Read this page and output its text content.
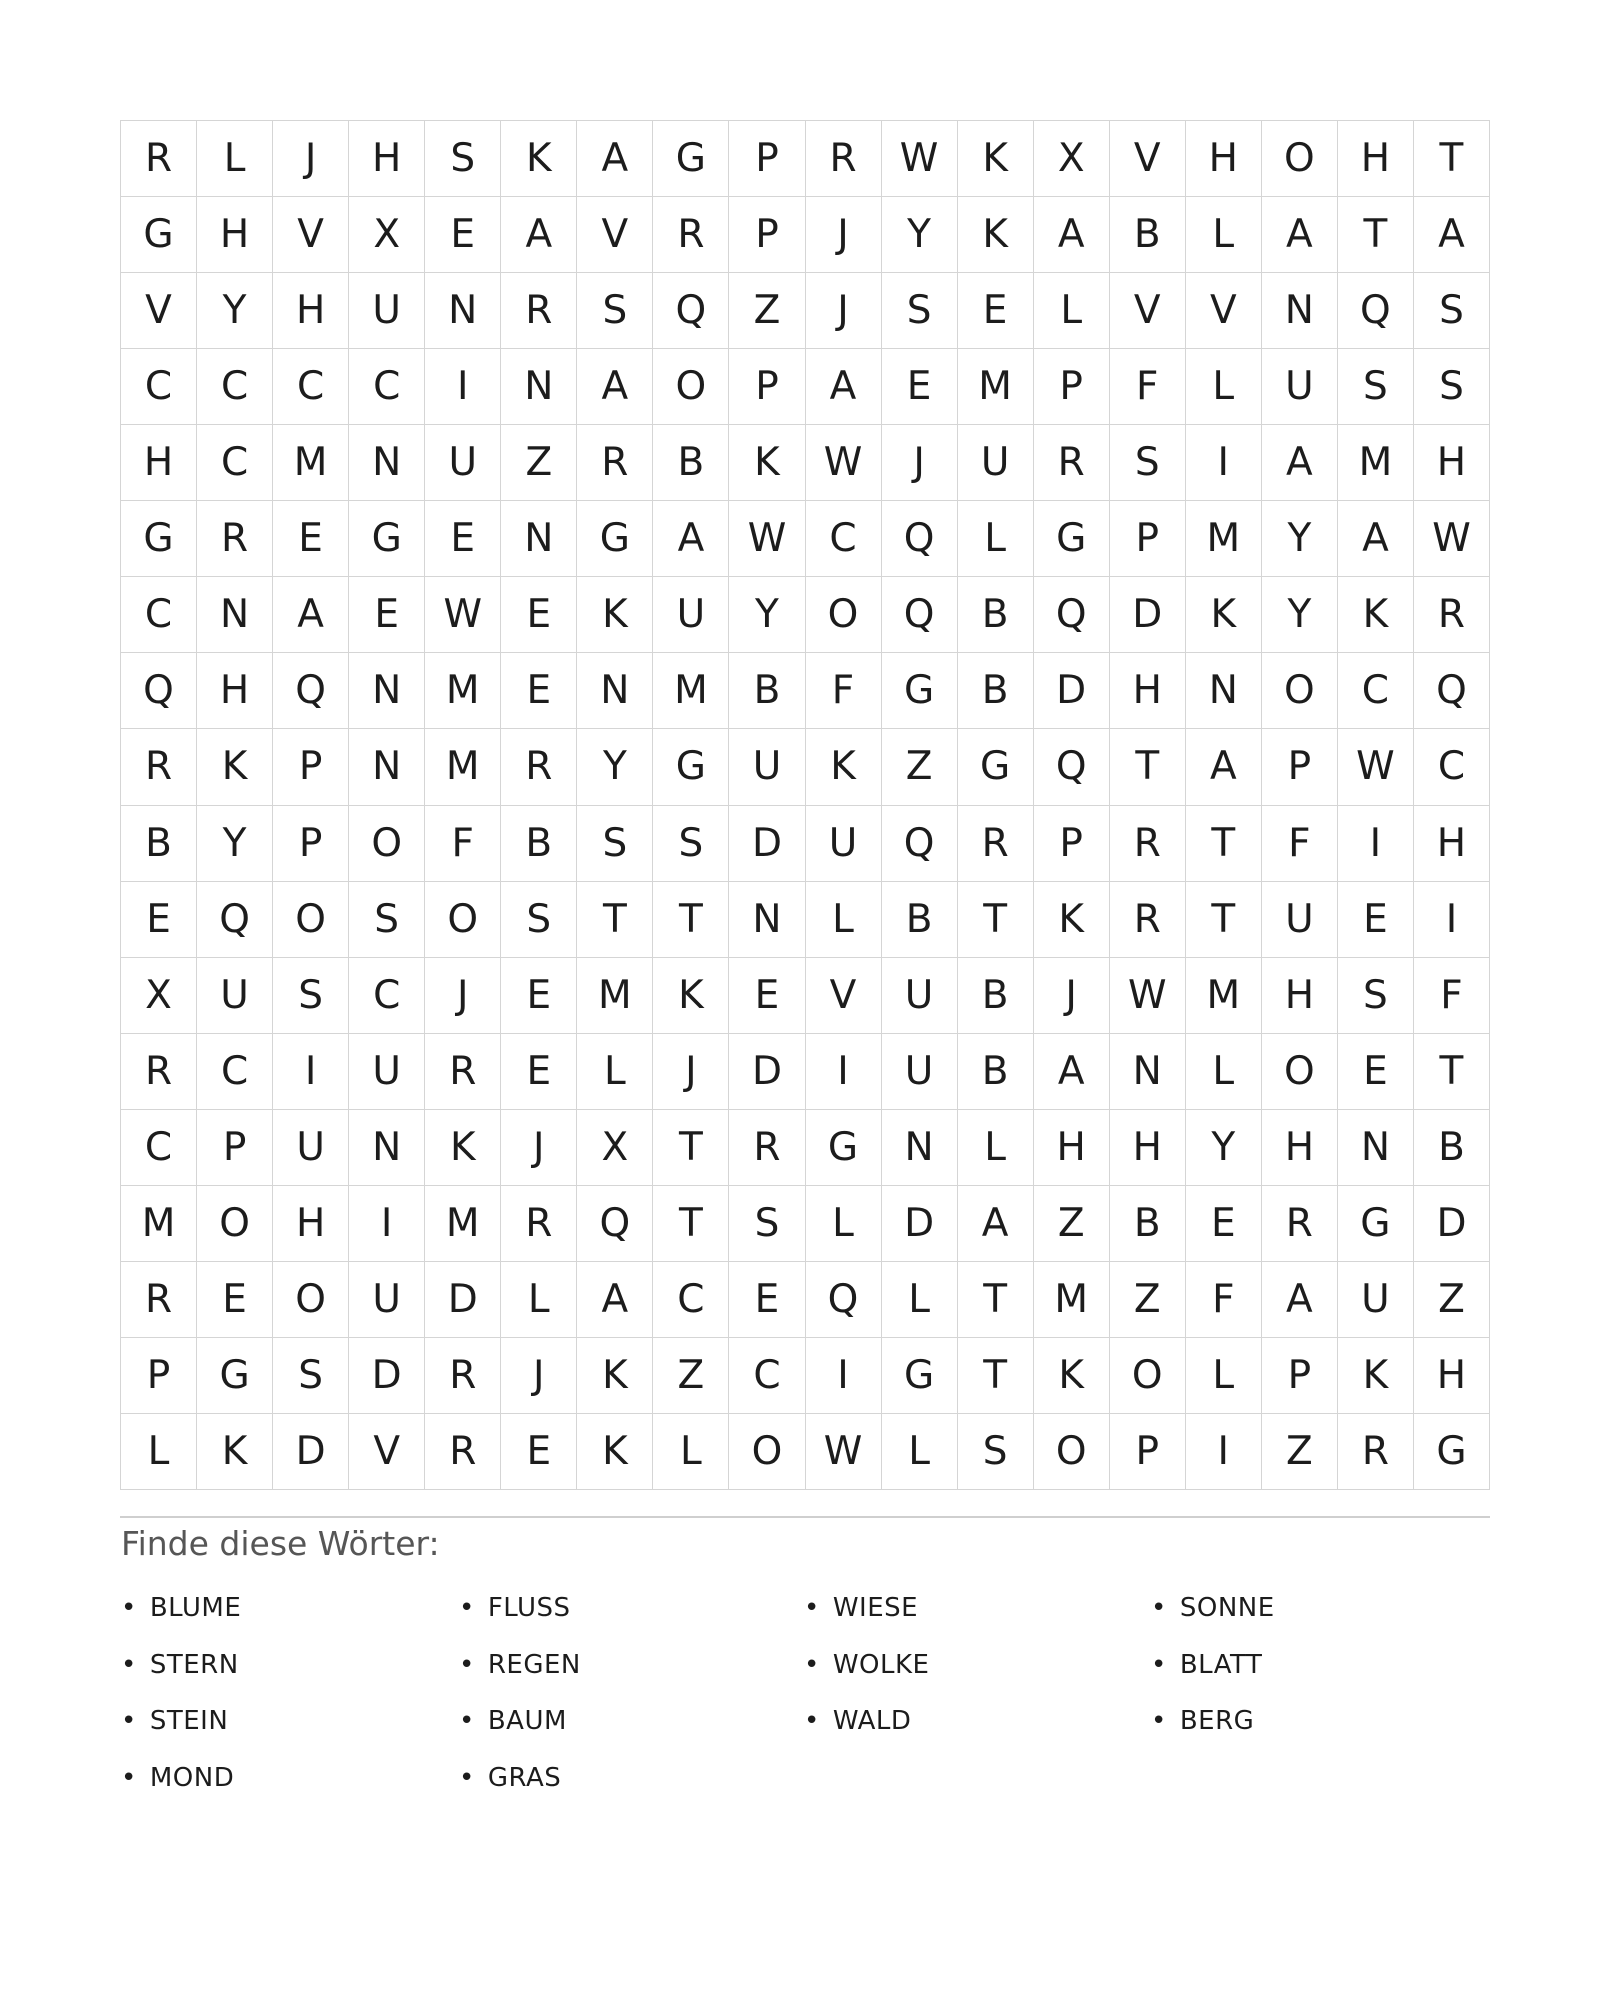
R	L	J	H	S	K	A	G	P	R	W	K	X	V	H	O	H	T
G	H	V	X	E	A	V	R	P	J	Y	K	A	B	L	A	T	A
V	Y	H	U	N	R	S	Q	Z	J	S	E	L	V	V	N	Q	S
C	C	C	C	I	N	A	O	P	A	E	M	P	F	L	U	S	S
H	C	M	N	U	Z	R	B	K	W	J	U	R	S	I	A	M	H
G	R	E	G	E	N	G	A	W	C	Q	L	G	P	M	Y	A	W
C	N	A	E	W	E	K	U	Y	O	Q	B	Q	D	K	Y	K	R
Q	H	Q	N	M	E	N	M	B	F	G	B	D	H	N	O	C	Q
R	K	P	N	M	R	Y	G	U	K	Z	G	Q	T	A	P	W	C
B	Y	P	O	F	B	S	S	D	U	Q	R	P	R	T	F	I	H
E	Q	O	S	O	S	T	T	N	L	B	T	K	R	T	U	E	I
X	U	S	C	J	E	M	K	E	V	U	B	J	W	M	H	S	F
R	C	I	U	R	E	L	J	D	I	U	B	A	N	L	O	E	T
C	P	U	N	K	J	X	T	R	G	N	L	H	H	Y	H	N	B
M	O	H	I	M	R	Q	T	S	L	D	A	Z	B	E	R	G	D
R	E	O	U	D	L	A	C	E	Q	L	T	M	Z	F	A	U	Z
P	G	S	D	R	J	K	Z	C	I	G	T	K	O	L	P	K	H
L	K	D	V	R	E	K	L	O	W	L	S	O	P	I	Z	R	G
Finde diese Wörter:
• BLUME
• STERN
• STEIN
• MOND
• FLUSS
• REGEN
• BAUM
• GRAS
• WIESE
• WOLKE
• WALD
• SONNE
• BLATT
• BERG
